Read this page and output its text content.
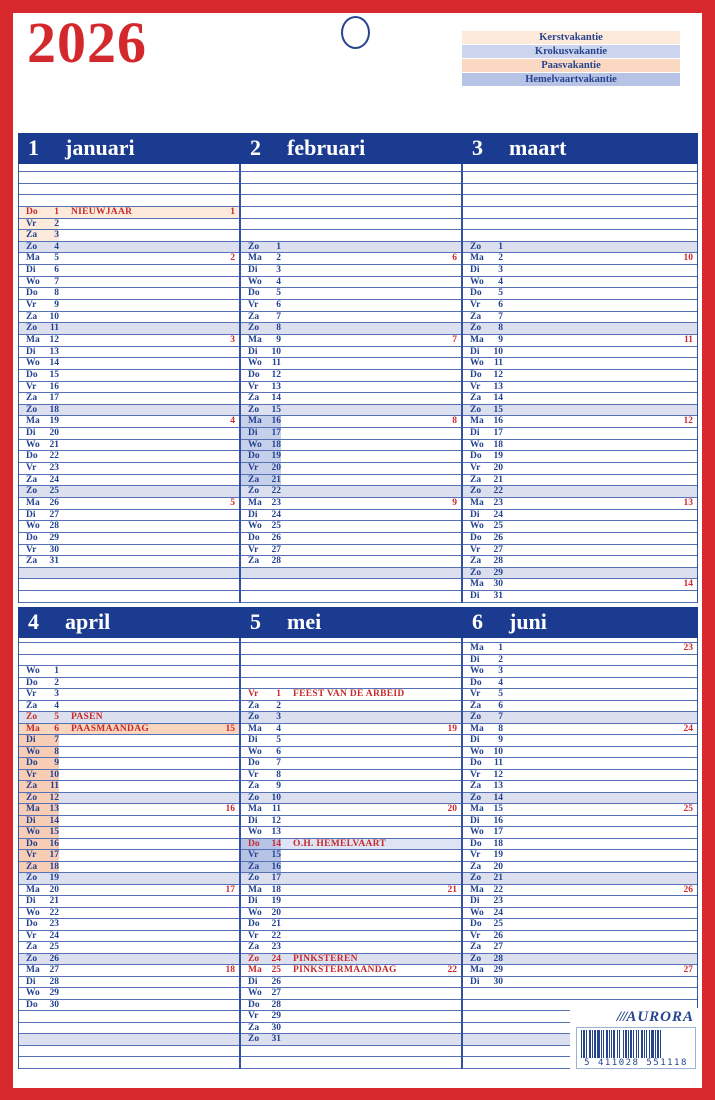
2026	Kerstvakantie
Krokusvakantie
Paasvakantie
Hemelvaartvakantie
1 januari
Do	1 NIEUWJAAR	1
Vr	2
Za	3
Zo	4
Ma	5	2
Di	6
Wo	7
Do	8
Vr	9
Za	10
Zo	11
Ma	12	3
Di	13
Wo	14
Do	15
Vr	16
Za	17
Zo	18
Ma	19	4
Di	20
Wo	21
Do	22
Vr	23
Za	24
Zo	25
Ma	26	5
Di	27
Wo	28
Do	29
Vr	30
Za	31
2 februari
Zo	1
Ma	2	6
Di	3
Wo	4
Do	5
Vr	6
Za	7
Zo	8
Ma	9	7
Di	10
Wo	11
Do	12
Vr	13
Za	14
Zo	15
Ma	16	8
Di	17
Wo	18
Do	19
Vr	20
Za	21
Zo	22
Ma	23	9
Di	24
Wo	25
Do	26
Vr	27
Za	28
3 maart
Zo	1
Ma	2	10
Di	3
Wo	4
Do	5
Vr	6
Za	7
Zo	8
Ma	9	11
Di	10
Wo	11
Do	12
Vr	13
Za	14
Zo	15
Ma	16	12
Di	17
Wo	18
Do	19
Vr	20
Za	21
Zo	22
Ma	23	13
Di	24
Wo	25
Do	26
Vr	27
Za	28
Zo	29
Ma	30	14
Di	31
4 april
Wo	1
Do	2
Vr	3
Za	4
Zo	5 PASEN
Ma	6 PAASMAANDAG	15
Di	7
Wo	8
Do	9
Vr	10
Za	11
Zo	12
Ma	13	16
Di	14
Wo	15
Do	16
Vr	17
Za	18
Zo	19
Ma	20	17
Di	21
Wo	22
Do	23
Vr	24
Za	25
Zo	26
Ma	27	18
Di	28
Wo	29
Do	30
5 mei
Vr	1 FEEST VAN DE ARBEID
Za	2
Zo	3
Ma	4	19
Di	5
Wo	6
Do	7
Vr	8
Za	9
Zo	10
Ma	11	20
Di	12
Wo	13
Do	14 O.H. HEMELVAART
Vr	15
Za	16
Zo	17
Ma	18	21
Di	19
Wo	20
Do	21
Vr	22
Za	23
Zo	24 PINKSTEREN
Ma	25 PINKSTERMAANDAG	22
Di	26
Wo	27
Do	28
Vr	29
Za	30
Zo	31
6 juni
Ma	1	23
Di	2
Wo	3
Do	4
Vr	5
Za	6
Zo	7
Ma	8	24
Di	9
Wo	10
Do	11
Vr	12
Za	13
Zo	14
Ma	15	25
Di	16
Wo	17
Do	18
Vr	19
Za	20
Zo	21
Ma	22	26
Di	23
Wo	24
Do	25
Vr	26
Za	27
Zo	28
Ma	29	27
Di	30
///AURORA
5 411028 551118
